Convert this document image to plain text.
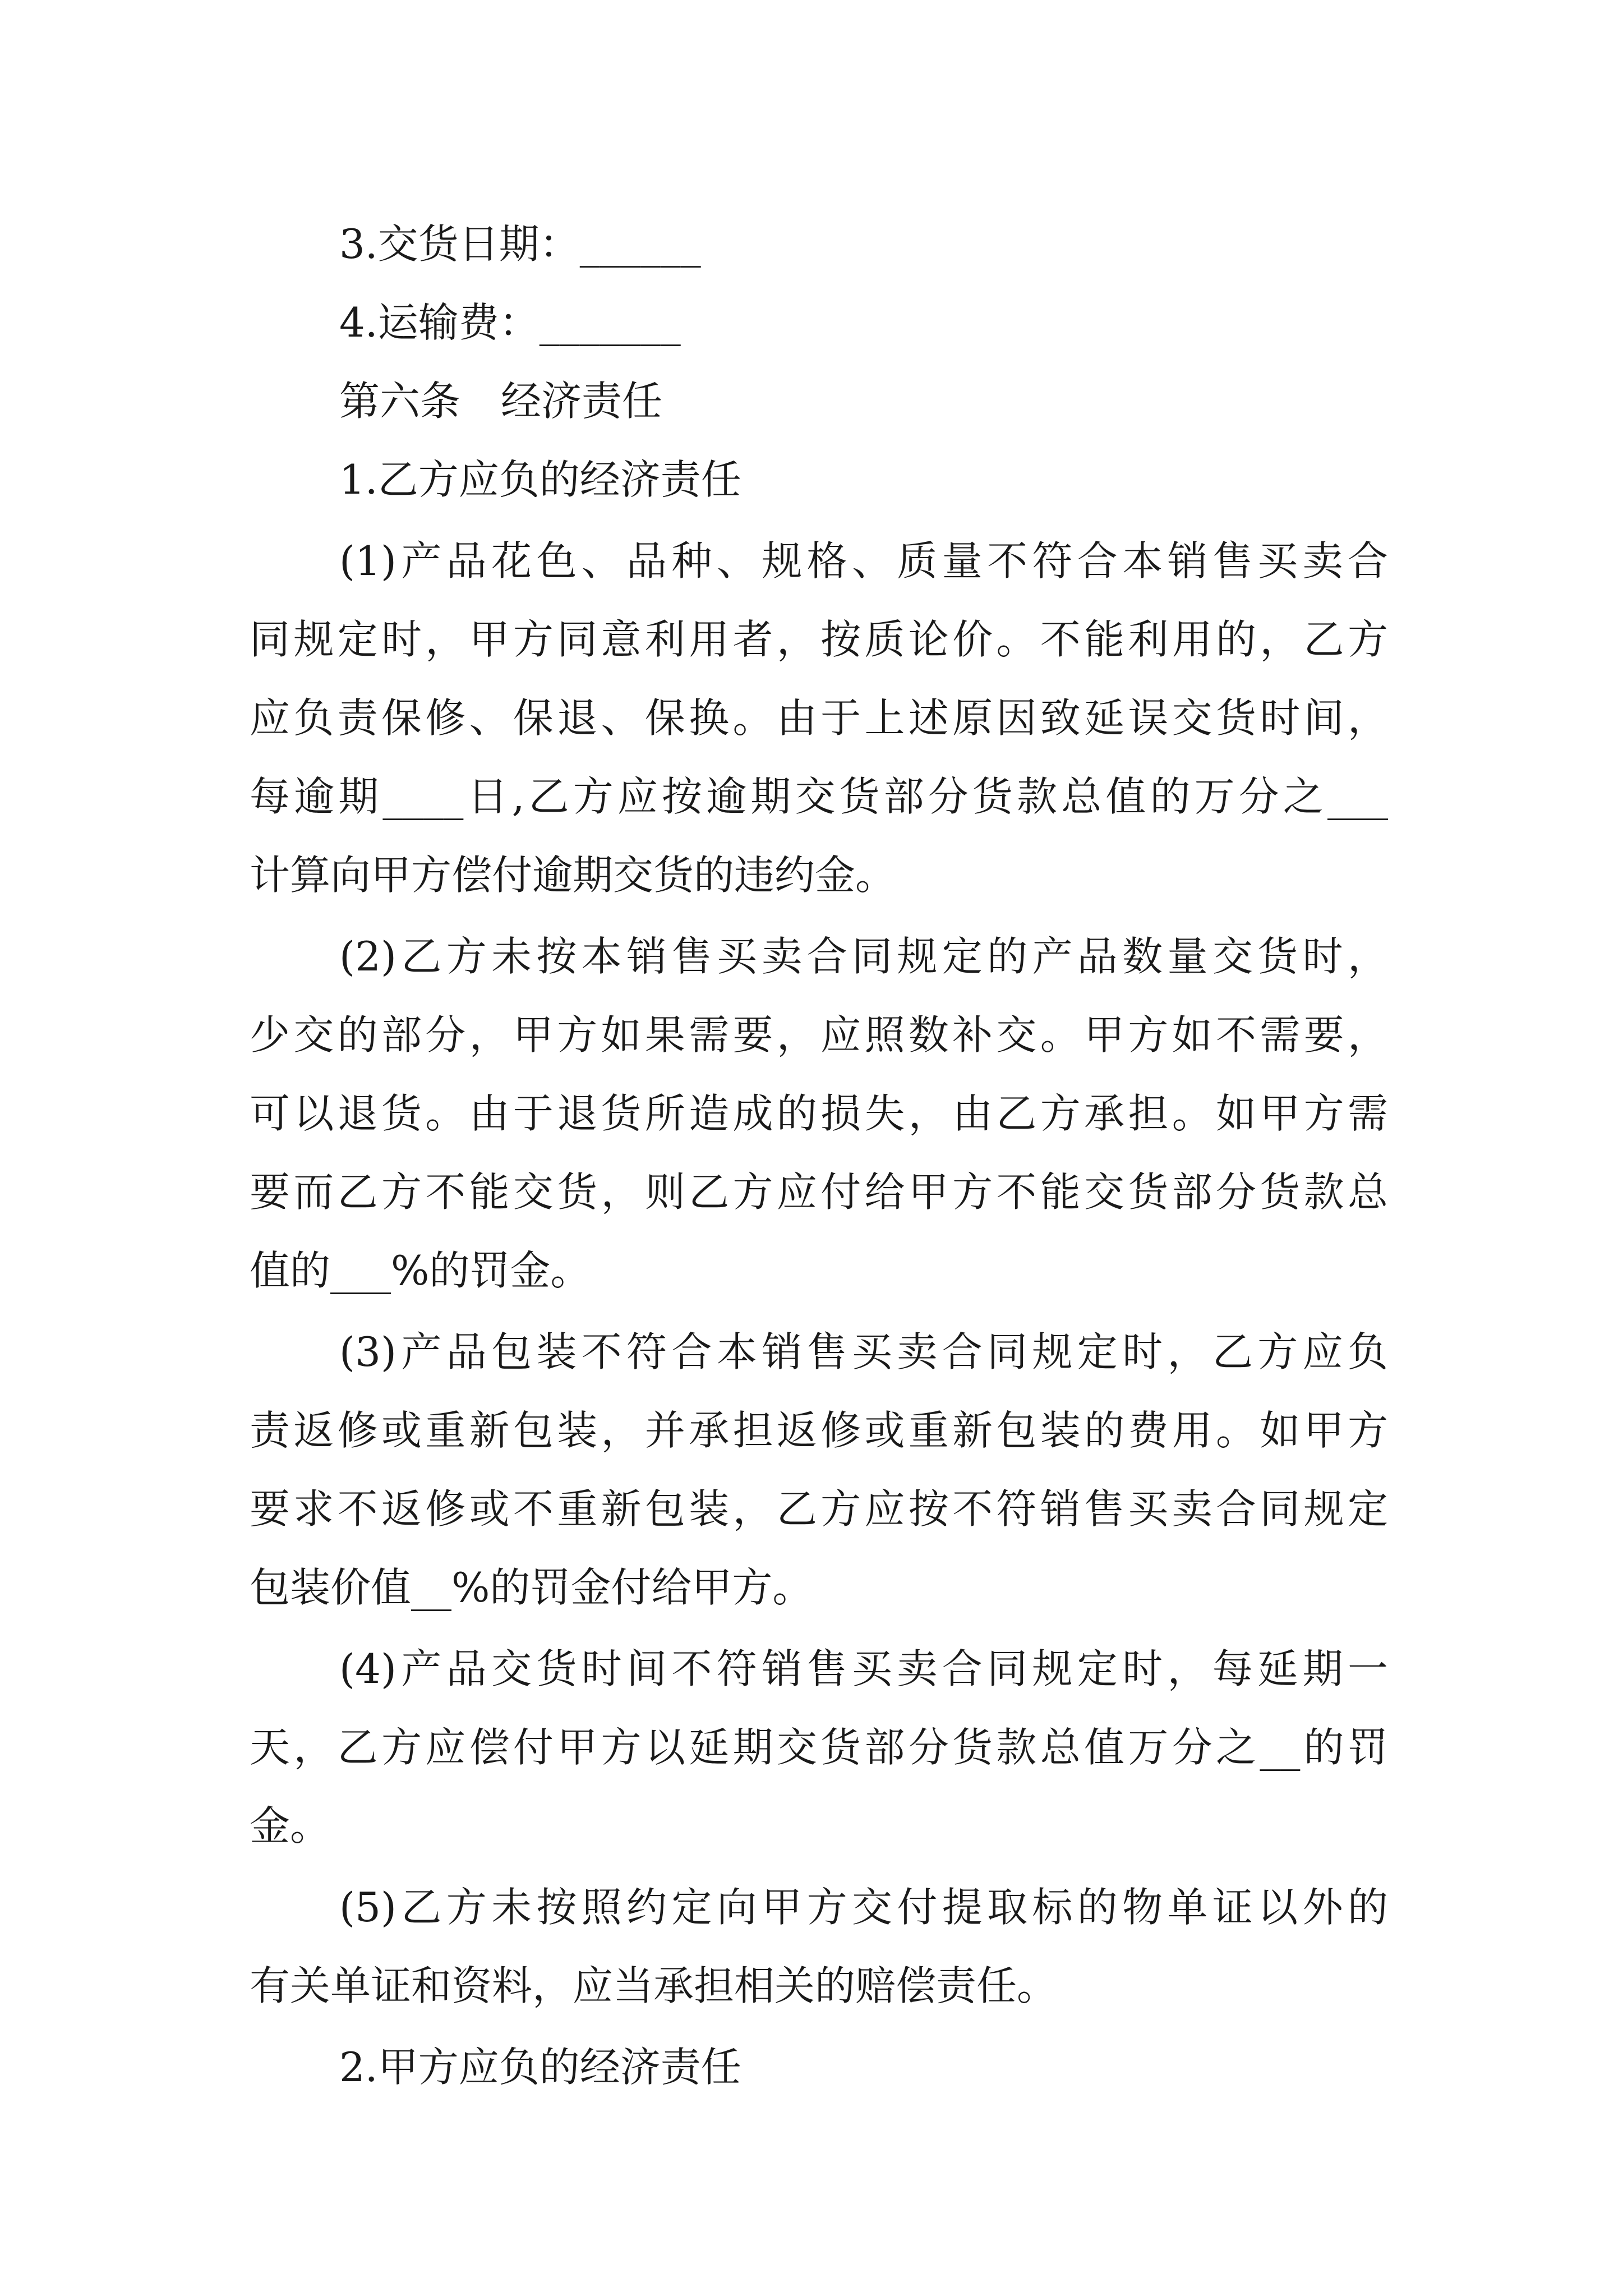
3.交货日期：______
4.运输费：_______
第六条　经济责任
1.乙方应负的经济责任
(1)产品花色、品种、规格、质量不符合本销售买卖合
同规定时，甲方同意利用者，按质论价。不能利用的，乙方
应负责保修、保退、保换。由于上述原因致延误交货时间，
每逾期____日,乙方应按逾期交货部分货款总值的万分之___
计算向甲方偿付逾期交货的违约金。
(2)乙方未按本销售买卖合同规定的产品数量交货时，
少交的部分，甲方如果需要，应照数补交。甲方如不需要，
可以退货。由于退货所造成的损失，由乙方承担。如甲方需
要而乙方不能交货，则乙方应付给甲方不能交货部分货款总
值的___%的罚金。
(3)产品包装不符合本销售买卖合同规定时，乙方应负
责返修或重新包装，并承担返修或重新包装的费用。如甲方
要求不返修或不重新包装，乙方应按不符销售买卖合同规定
包装价值__%的罚金付给甲方。
(4)产品交货时间不符销售买卖合同规定时，每延期一
天，乙方应偿付甲方以延期交货部分货款总值万分之__的罚
金。
(5)乙方未按照约定向甲方交付提取标的物单证以外的
有关单证和资料，应当承担相关的赔偿责任。
2.甲方应负的经济责任
